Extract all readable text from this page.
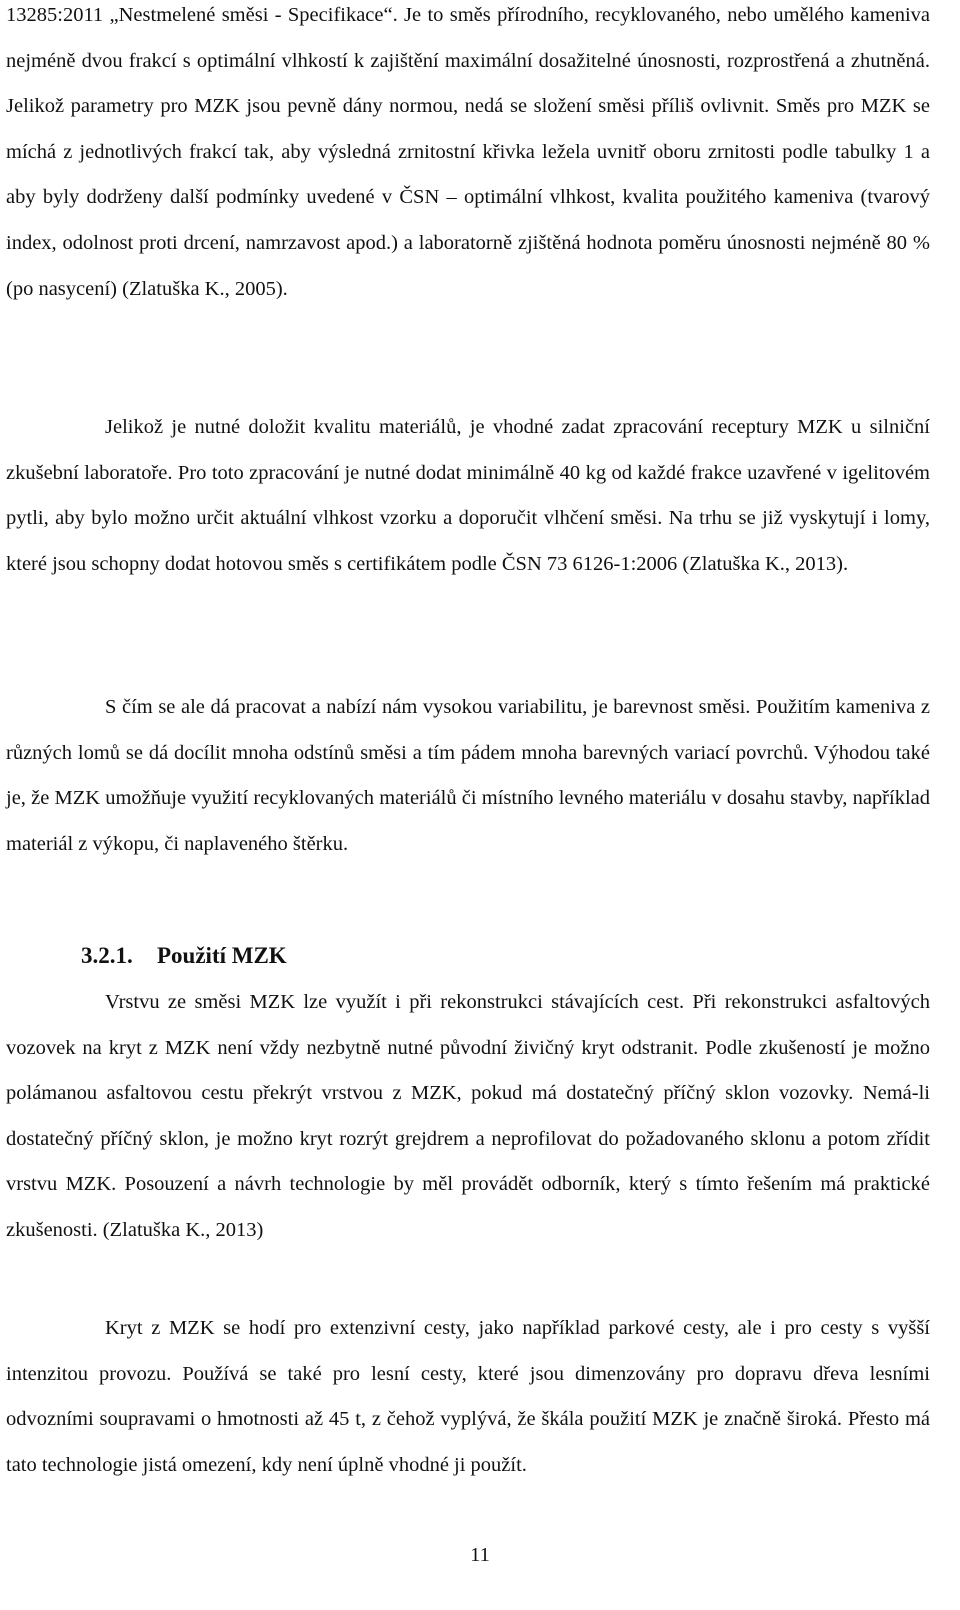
13285:2011 „Nestmelené směsi - Specifikace“. Je to směs přírodního, recyklovaného, nebo umělého kameniva nejméně dvou frakcí s optimální vlhkostí k zajištění maximální dosažitelné únosnosti, rozprostřená a zhutněná. Jelikož parametry pro MZK jsou pevně dány normou, nedá se složení směsi příliš ovlivnit. Směs pro MZK se míchá z jednotlivých frakcí tak, aby výsledná zrnitostní křivka ležela uvnitř oboru zrnitosti podle tabulky 1 a aby byly dodrženy další podmínky uvedené v ČSN – optimální vlhkost, kvalita použitého kameniva (tvarový index, odolnost proti drcení, namrzavost apod.) a laboratorně zjištěná hodnota poměru únosnosti nejméně 80 % (po nasycení) (Zlatuška K., 2005).

Jelikož je nutné doložit kvalitu materiálů, je vhodné zadat zpracování receptury MZK u silniční zkušební laboratoře. Pro toto zpracování je nutné dodat minimálně 40 kg od každé frakce uzavřené v igelitovém pytli, aby bylo možno určit aktuální vlhkost vzorku a doporučit vlhčení směsi. Na trhu se již vyskytují i lomy, které jsou schopny dodat hotovou směs s certifikátem podle ČSN 73 6126-1:2006 (Zlatuška K., 2013).

S čím se ale dá pracovat a nabízí nám vysokou variabilitu, je barevnost směsi. Použitím kameniva z různých lomů se dá docílit mnoha odstínů směsi a tím pádem mnoha barevných variací povrchů. Výhodou také je, že MZK umožňuje využití recyklovaných materiálů či místního levného materiálu v dosahu stavby, například materiál z výkopu, či naplaveného štěrku.

3.2.1. Použití MZK

Vrstvu ze směsi MZK lze využít i při rekonstrukci stávajících cest. Při rekonstrukci asfaltových vozovek na kryt z MZK není vždy nezbytně nutné původní živičný kryt odstranit. Podle zkušeností je možno polámanou asfaltovou cestu překrýt vrstvou z MZK, pokud má dostatečný příčný sklon vozovky. Nemá-li dostatečný příčný sklon, je možno kryt rozrýt grejdrem a neprofilovat do požadovaného sklonu a potom zřídit vrstvu MZK. Posouzení a návrh technologie by měl provádět odborník, který s tímto řešením má praktické zkušenosti. (Zlatuška K., 2013)

Kryt z MZK se hodí pro extenzivní cesty, jako například parkové cesty, ale i pro cesty s vyšší intenzitou provozu. Používá se také pro lesní cesty, které jsou dimenzovány pro dopravu dřeva lesními odvozními soupravami o hmotnosti až 45 t, z čehož vyplývá, že škála použití MZK je značně široká. Přesto má tato technologie jistá omezení, kdy není úplně vhodné ji použít.

11
